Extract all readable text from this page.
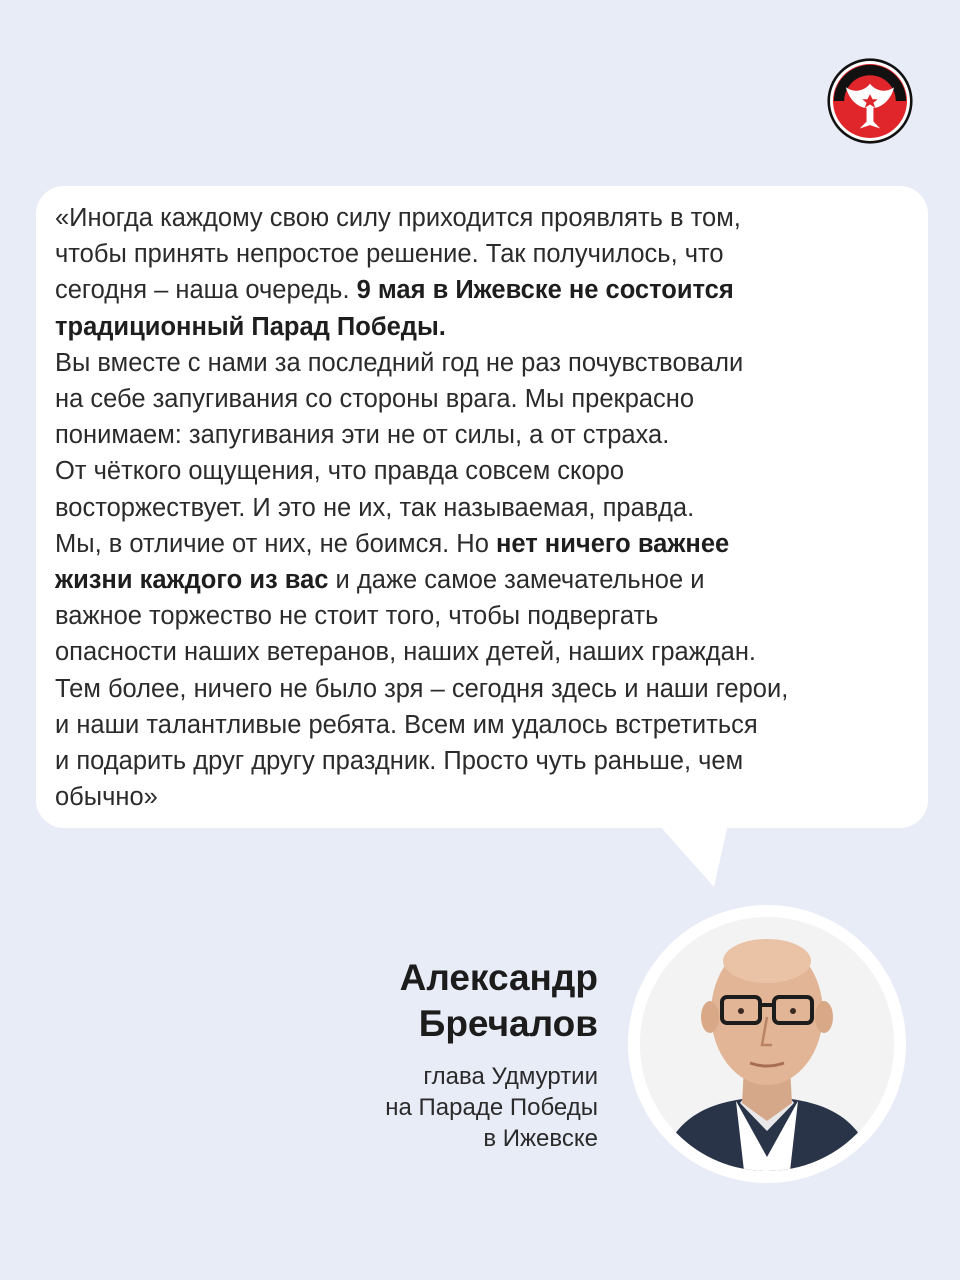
«Иногда каждому свою силу приходится проявлять в том,
чтобы принять непростое решение. Так получилось, что
сегодня – наша очередь. 9 мая в Ижевске не состоится
традиционный Парад Победы.
Вы вместе с нами за последний год не раз почувствовали
на себе запугивания со стороны врага. Мы прекрасно
понимаем: запугивания эти не от силы, а от страха.
От чёткого ощущения, что правда совсем скоро
восторжествует. И это не их, так называемая, правда.
Мы, в отличие от них, не боимся. Но нет ничего важнее
жизни каждого из вас и даже самое замечательное и
важное торжество не стоит того, чтобы подвергать
опасности наших ветеранов, наших детей, наших граждан.
Тем более, ничего не было зря – сегодня здесь и наши герои,
и наши талантливые ребята. Всем им удалось встретиться
и подарить друг другу праздник. Просто чуть раньше, чем
обычно»

Александр
Бречалов
глава Удмуртии
на Параде Победы
в Ижевске
